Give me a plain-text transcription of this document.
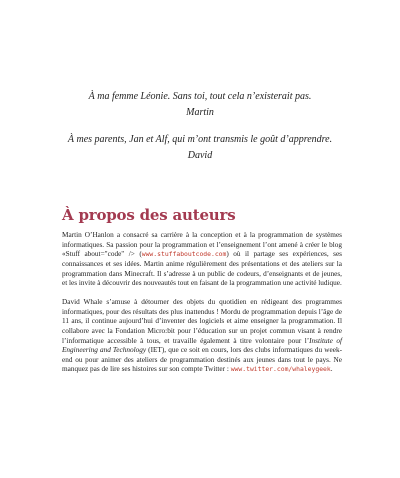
À ma femme Léonie. Sans toi, tout cela n’existerait pas.
Martin
À mes parents, Jan et Alf, qui m’ont transmis le goût d’apprendre.
David
À propos des auteurs

Martin O’Hanlon a consacré sa carrière à la conception et à la programmation de systèmes informatiques. Sa passion pour la programmation et l’enseignement l’ont amené à créer le blog «Stuff about="code" /> (www.stuffaboutcode.com) où il partage ses expériences, ses connaissances et ses idées. Martin anime régulièrement des présentations et des ateliers sur la programmation dans Minecraft. Il s’adresse à un public de codeurs, d’enseignants et de jeunes, et les invite à découvrir des nouveautés tout en faisant de la programmation une activité ludique.

David Whale s’amuse à détourner des objets du quotidien en rédigeant des programmes informatiques, pour des résultats des plus inattendus ! Mordu de programmation depuis l’âge de 11 ans, il continue aujourd’hui d’inventer des logiciels et aime enseigner la programmation. Il collabore avec la Fondation Micro:bit pour l’éducation sur un projet commun visant à rendre l’informatique accessible à tous, et travaille également à titre volontaire pour l’Institute of Engineering and Technology (IET), que ce soit en cours, lors des clubs informatiques du week-end ou pour animer des ateliers de programmation destinés aux jeunes dans tout le pays. Ne manquez pas de lire ses histoires sur son compte Twitter : www.twitter.com/whaleygeek.
